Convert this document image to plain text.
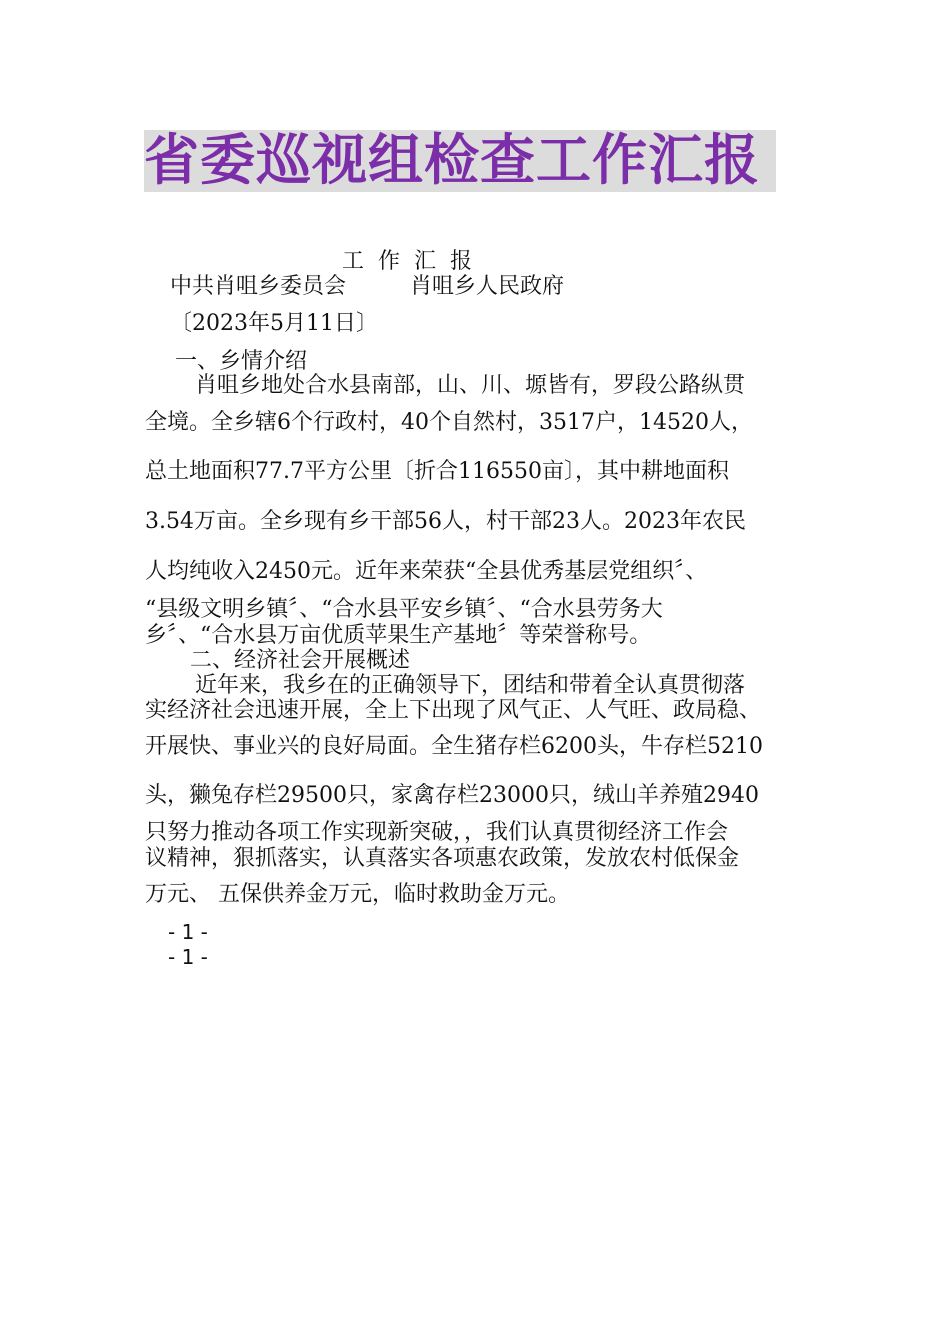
省委巡视组检查工作汇报
工作汇报
中共肖咀乡委员会	肖咀乡人民政府
〔2023年5月11日〕
一、乡情介绍
肖咀乡地处合水县南部，山、川、塬皆有，罗段公路纵贯
全境。全乡辖6个行政村，40个自然村，3517户，14520人，
总土地面积77.7平方公里〔折合116550亩〕，其中耕地面积
3.54万亩。全乡现有乡干部56人，村干部23人。2023年农民
人均纯收入2450元。近年来荣获“全县优秀基层党组织〞、
“县级文明乡镇〞、“合水县平安乡镇〞、“合水县劳务大
乡〞、“合水县万亩优质苹果生产基地〞等荣誉称号。
二、经济社会开展概述
近年来，我乡在的正确领导下，团结和带着全认真贯彻落
实经济社会迅速开展，全上下出现了风气正、人气旺、政局稳、
开展快、事业兴的良好局面。全生猪存栏6200头，牛存栏5210
头，獭兔存栏29500只，家禽存栏23000只，绒山羊养殖2940
只努力推动各项工作实现新突破，，我们认真贯彻经济工作会
议精神，狠抓落实，认真落实各项惠农政策，发放农村低保金
万元、 五保供养金万元，临时救助金万元。
- 1 -
- 1 -
